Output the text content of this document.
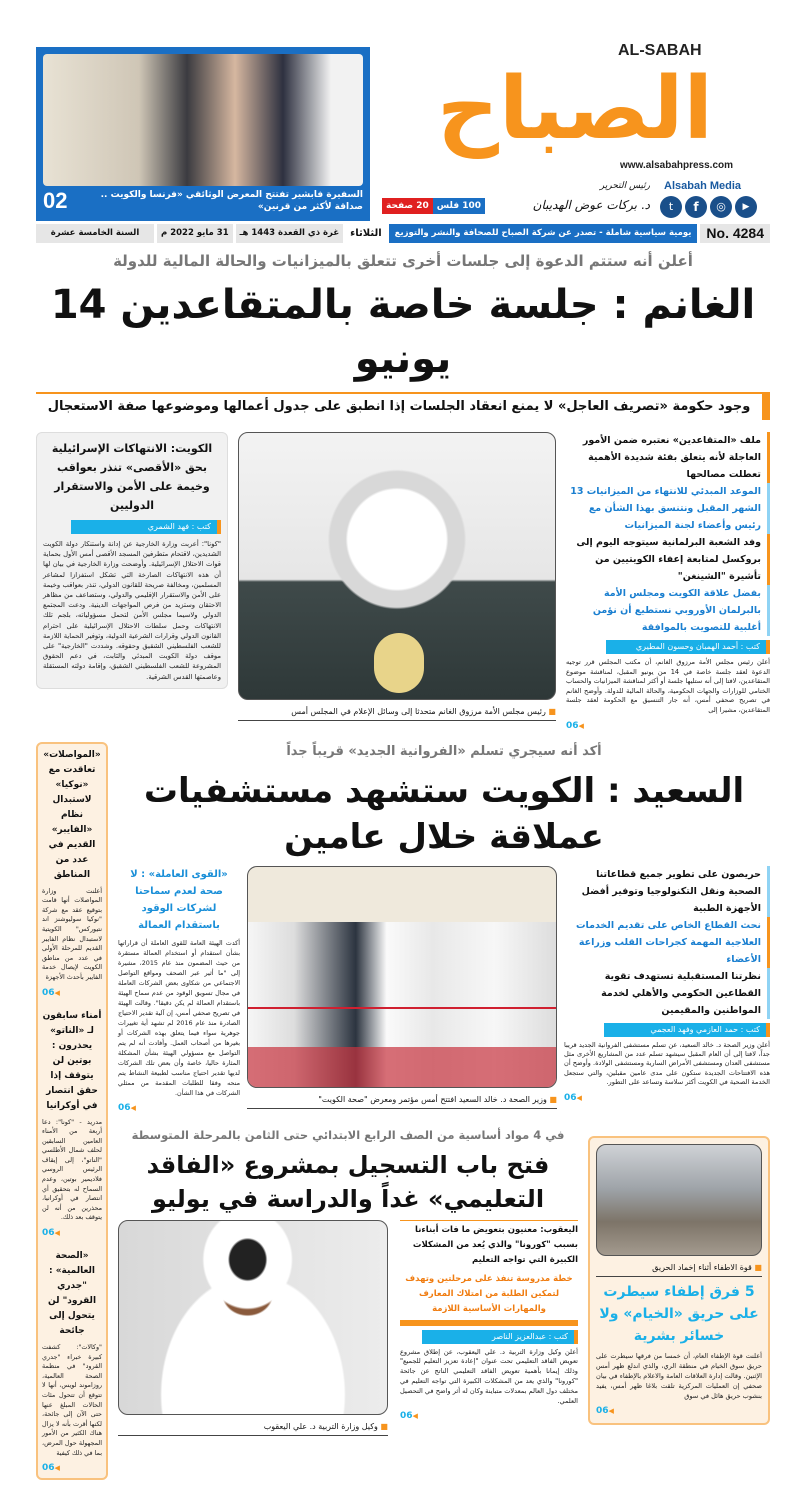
السفيرة فابشير تفتتح المعرض الوثائقي «فرنسا والكويت .. صداقة لأكثر من قرنين»
02
AL-SABAH
الصباح
www.alsabahpress.com
Alsabah Media
t	f	◎	▶
رئيس التحرير
د. بركات عوض الهديبان
100 فلس
20 صفحة
No. 4284
يومية سياسية شاملة - تصدر عن شركة الصباح للصحافة والنشر والتوزيع
الثلاثاء
غرة ذي القعدة 1443 هـ
31 مايو 2022 م
السنة الخامسة عشرة
أعلن أنه ستتم الدعوة إلى جلسات أخرى تتعلق بالميزانيات والحالة المالية للدولة
الغانم : جلسة خاصة بالمتقاعدين 14 يونيو
وجود حكومة «تصريف العاجل» لا يمنع انعقاد الجلسات إذا انطبق على جدول أعمالها وموضوعها صفة الاستعجال
الكويت: الانتهاكات الإسرائيلية بحق «الأقصى» تنذر بعواقب وخيمة على الأمن والاستقرار الدوليين
كتب : فهد الشمري
"كونا": أعربت وزارة الخارجية عن إدانة واستنكار دولة الكويت الشديدين، لاقتحام متطرفين المسجد الأقصى أمس الأول بحماية قوات الاحتلال الإسرائيلية. وأوضحت وزارة الخارجية في بيان لها أن هذه الانتهاكات الصارخة التي تشكل استفزازا لمشاعر المسلمين، ومخالفة صريحة للقانون الدولي، تنذر بعواقب وخيمة على الأمن والاستقرار الإقليمي والدولي، وستضاعف من مظاهر الاحتقان وستزيد من فرص المواجهات الدينية. ودعت المجتمع الدولي ولاسيما مجلس الأمن لتحمل مسؤولياته، بلجم تلك الانتهاكات وحمل سلطات الاحتلال الإسرائيلية على احترام القانون الدولي وقرارات الشرعية الدولية، وتوفير الحماية اللازمة للشعب الفلسطيني الشقيق وحقوقه. وشددت "الخارجية" على موقف دولة الكويت المبدئي والثابت، في دعم الحقوق المشروعة للشعب الفلسطيني الشقيق، وإقامة دولته المستقلة وعاصمتها القدس الشرقية.
■ رئيس مجلس الأمة مرزوق الغانم متحدثا إلى وسائل الإعلام في المجلس أمس
ملف «المتقاعدين» نعتبره ضمن الأمور العاجلة لأنه يتعلق بفئة شديدة الأهمية تعطلت مصالحها
الموعد المبدئي للانتهاء من الميزانيات 13 الشهر المقبل ونتنسق بهذا الشأن مع رئيس وأعضاء لجنة الميزانيات
وفد الشعبة البرلمانية سيتوجه اليوم إلى بروكسل لمتابعة إعفاء الكويتيين من تأشيرة "الشينغن"
بفضل علاقة الكويت ومجلس الأمة بالبرلمان الأوروبي نستطيع أن نؤمن أغلبية للتصويت بالموافقة
كتب : أحمد الهمبان وحسون المطيري
أعلن رئيس مجلس الأمة مرزوق الغانم، أن مكتب المجلس قرر توجيه الدعوة لعقد جلسة خاصة في 14 من يونيو المقبل، لمناقشة موضوع المتقاعدين، لافتا إلى أنه ستليها جلسة أو أكثر لمناقشة الميزانيات والحساب الختامي للوزارات والجهات الحكومية، والحالة المالية للدولة. وأوضح الغانم في تصريح صحفي أمس، أنه جار التنسيق مع الحكومة لعقد جلسة المتقاعدين، مشيرا إلى
06 ◀
«المواصلات» تعاقدت مع «نوكيا» لاستبدال نظام «الفايبر» القديم في عدد من المناطق
أعلنت وزارة المواصلات أنها قامت بتوقيع عقد مع شركة "نوكيا سوليوشنز اند نتيوركس" الكويتية لاستبدال نظام الفايبر القديم للمرحلة الأولى في عدد من مناطق الكويت لإيصال خدمة الفايبر بأحدث الأجهزة
06 ◀
أمناء سابقون لـ «الناتو» يحذرون : بوتين لن يتوقف إذا حقق انتصار في أوكرانيا
مدريد - "كونا": دعا أربعة من الأمناء العامين السابقين لحلف شمال الأطلسي "الناتو"، إلى إيقاف الرئيس الروسي فلاديمير بوتين، وعدم السماح له بتحقيق أي انتصار في أوكرانيا، محذرين من أنه لن يتوقف بعد ذلك.
06 ◀
«الصحة العالمية» : "جدري القرود" لن يتحول إلى جائحة
"وكالات": كشفت كبيرة خبراء "جدري القرود" في منظمة الصحة العالمية، روزاموند لويس، أنها لا تتوقع أن تتحول مئات الحالات المبلغ عنها حتى الآن إلى جائحة، لكنها أقرت بأنه لا يزال هناك الكثير من الأمور المجهولة حول المرض، بما في ذلك كيفية
06 ◀
أكد أنه سيجري تسلم «الفروانية الجديد» قريباً جداً
السعيد : الكويت ستشهد مستشفيات عملاقة خلال عامين
«القوى العاملة» : لا صحة لعدم سماحنا لشركات الوقود باستقدام العمالة
أكدت الهيئة العامة للقوى العاملة أن قراراتها بشأن استقدام أو استخدام العمالة مستقرة من حيث المضمون منذ عام 2015، مشيرة إلى "ما أثير عبر الصحف ومواقع التواصل الاجتماعي من شكاوى بعض الشركات العاملة في مجال تسويق الوقود من عدم سماح الهيئة باستقدام العمالة لم يكن دقيقا". وقالت الهيئة في تصريح صحفي أمس، إن آلية تقدير الاحتياج الصادرة منذ عام 2016 لم تشهد أية تغييرات جوهرية سواء فيما يتعلق بهذه الشركات أو بغيرها من أصحاب العمل. وأفادت أنه لم يتم التواصل مع مسؤولي الهيئة بشأن المشكلة المثارة حاليا، خاصة وأن بعض تلك الشركات لديها تقدير احتياج مناسب لطبيعة النشاط يتم منحه وفقا للطلبات المقدمة من ممثلي الشركات في هذا الشأن.
06 ◀
■ وزير الصحة د. خالد السعيد افتتح أمس مؤتمر ومعرض "صحة الكويت"
حريصون على تطوير جميع قطاعاتنا الصحية ونقل التكنولوجيا وتوفير أفضل الأجهزة الطبية
نحث القطاع الخاص على تقديم الخدمات العلاجية المهمة كجراحات القلب وزراعة الأعضاء
نظرتنا المستقبلية تستهدف تقوية القطاعين الحكومي والأهلي لخدمة المواطنين والمقيمين
كتب : حمد العازمي وفهد العجمي
أعلن وزير الصحة د. خالد السعيد، عن تسلم مستشفى الفروانية الجديد قريبا جداً، لافتا إلى أن العام المقبل سيشهد تسلم عدد من المشاريع الأخرى مثل مستشفى العدان ومستشفى الأمراض السارية ومستشفى الولادة. وأوضح أن هذه الافتتاحات الجديدة ستكون على مدى عامين مقبلين، والتي ستجعل الخدمة الصحية في الكويت أكثر سلاسة وتساعد على التطور.
06 ◀
في 4 مواد أساسية من الصف الرابع الابتدائي حتى الثامن بالمرحلة المتوسطة
فتح باب التسجيل بمشروع «الفاقد التعليمي» غداً والدراسة في يوليو
■ وكيل وزارة التربية د. علي اليعقوب
اليعقوب: معنيون بتعويض ما فات أبناءنا بسبب "كورونا" والذي يُعد من المشكلات الكبيرة التي تواجه التعليم
خطة مدروسة تنفذ على مرحلتين وتهدف لتمكين الطلبة من امتلاك المعارف والمهارات الأساسية اللازمة
كتب : عبدالعزيز الناصر
أعلن وكيل وزارة التربية د. علي اليعقوب، عن إطلاق مشروع تعويض الفاقد التعليمي تحت عنوان "إعادة تعزيز التعليم للجميع" وذلك إيمانا بأهمية تعويض الفاقد التعليمي الناتج عن جائحة "كورونا" والذي يعد من المشكلات الكبيرة التي تواجه التعليم في مختلف دول العالم بمعدلات متباينة وكان له أثر واضح في التحصيل العلمي.
06 ◀
■ قوة الاطفاء أثناء إخماد الحريق
5 فرق إطفاء سيطرت على حريق «الخيام» ولا خسائر بشرية
أعلنت قوة الإطفاء العام، أن خمسا من فرقها سيطرت على حريق سوق الخيام في منطقة الري، والذي اندلع ظهر أمس الإثنين. وقالت إدارة العلاقات العامة والاعلام بالإطفاء في بيان صحفي إن العمليات المركزية تلقت بلاغا ظهر أمس، يفيد بنشوب حريق هائل في سوق
06 ◀
